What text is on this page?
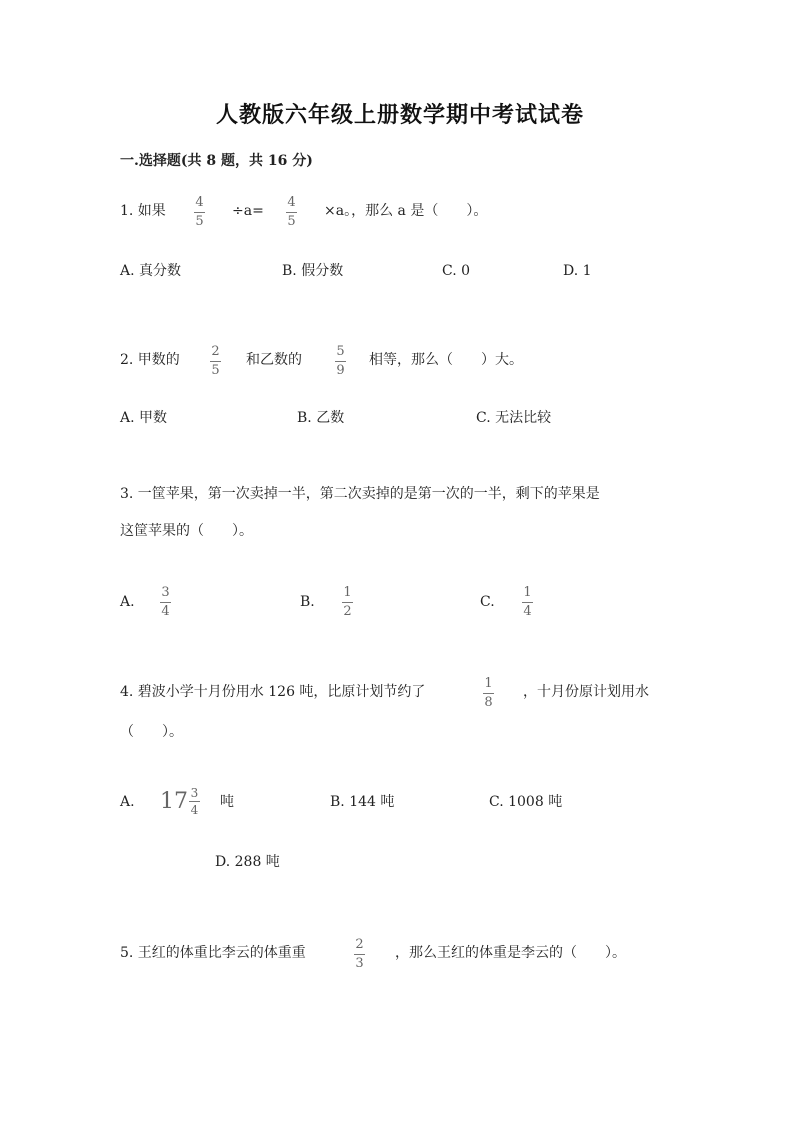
人教版六年级上册数学期中考试试卷
一.选择题(共 8 题，共 16 分)
1. 如果
4
5
÷a=
4
5
×a。，那么 a 是（　　）。
A. 真分数	B. 假分数	C. 0	D. 1
2. 甲数的
2
5
和乙数的
5
9
相等，那么（　　）大。
A. 甲数	B. 乙数	C. 无法比较
3. 一筐苹果，第一次卖掉一半，第二次卖掉的是第一次的一半，剩下的苹果是
这筐苹果的（　　）。
A.
3
4
B.
1
2
C.
1
4
4. 碧波小学十月份用水 126 吨，比原计划节约了
1
8
，十月份原计划用水
（　　）。
A. $17 \frac{3}{4}$ 吨	B. 144 吨	C. 1008 吨
D. 288 吨
5. 王红的体重比李云的体重重
2
3
，那么王红的体重是李云的（　　）。
